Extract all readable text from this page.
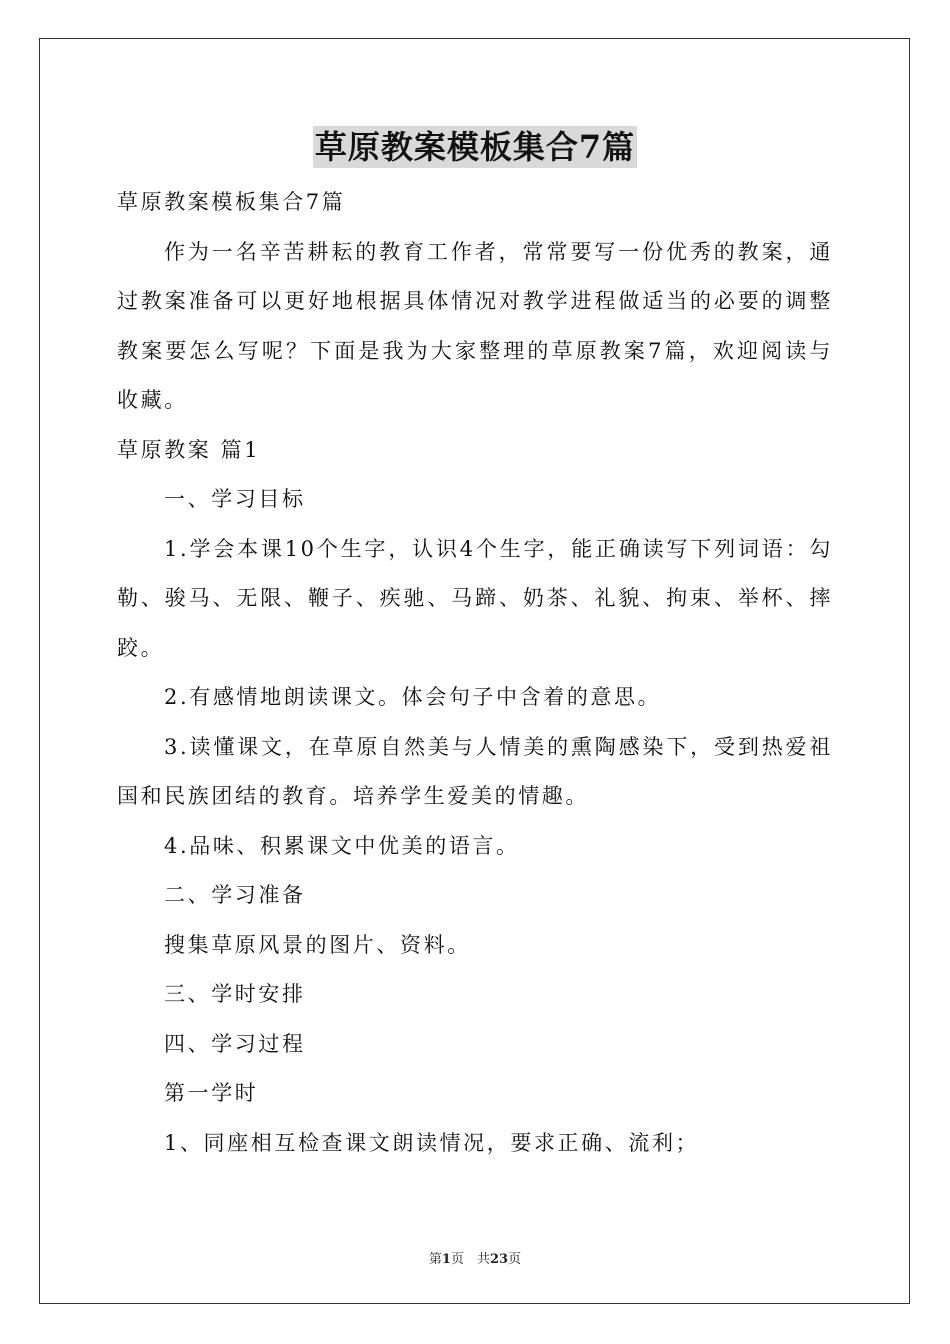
草原教案模板集合7篇

草原教案模板集合7篇

作为一名辛苦耕耘的教育工作者，常常要写一份优秀的教案，通过教案准备可以更好地根据具体情况对教学进程做适当的必要的调整教案要怎么写呢？下面是我为大家整理的草原教案7篇，欢迎阅读与收藏。

草原教案 篇1

一、学习目标

1.学会本课10个生字，认识4个生字，能正确读写下列词语：勾勒、骏马、无限、鞭子、疾驰、马蹄、奶茶、礼貌、拘束、举杯、摔跤。

2.有感情地朗读课文。体会句子中含着的意思。

3.读懂课文，在草原自然美与人情美的熏陶感染下，受到热爱祖国和民族团结的教育。培养学生爱美的情趣。

4.品味、积累课文中优美的语言。

二、学习准备

搜集草原风景的图片、资料。

三、学时安排

四、学习过程

第一学时

1、同座相互检查课文朗读情况，要求正确、流利；

第1页　共23页
